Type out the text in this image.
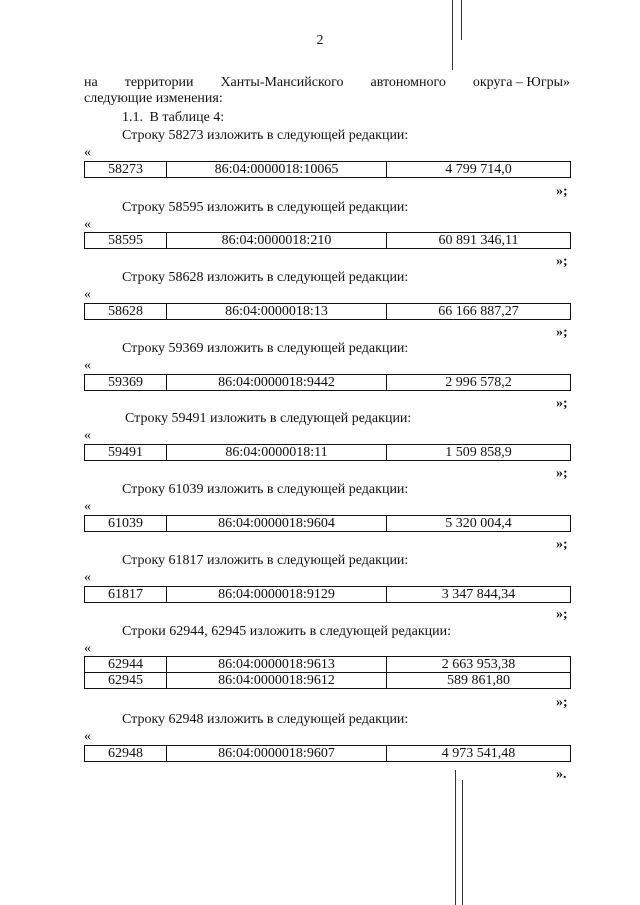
2
на территории Ханты-Мансийского автономного округа – Югры»
следующие изменения:
1.1. В таблице 4:
Строку 58273 изложить в следующей редакции:
«
58273	86:04:0000018:10065	4 799 714,0
»;
Строку 58595 изложить в следующей редакции:
«
58595	86:04:0000018:210	60 891 346,11
»;
Строку 58628 изложить в следующей редакции:
«
58628	86:04:0000018:13	66 166 887,27
»;
Строку 59369 изложить в следующей редакции:
«
59369	86:04:0000018:9442	2 996 578,2
»;
Строку 59491 изложить в следующей редакции:
«
59491	86:04:0000018:11	1 509 858,9
»;
Строку 61039 изложить в следующей редакции:
«
61039	86:04:0000018:9604	5 320 004,4
»;
Строку 61817 изложить в следующей редакции:
«
61817	86:04:0000018:9129	3 347 844,34
»;
Строки 62944, 62945 изложить в следующей редакции:
«
62944	86:04:0000018:9613	2 663 953,38
62945	86:04:0000018:9612	589 861,80
»;
Строку 62948 изложить в следующей редакции:
«
62948	86:04:0000018:9607	4 973 541,48
».
